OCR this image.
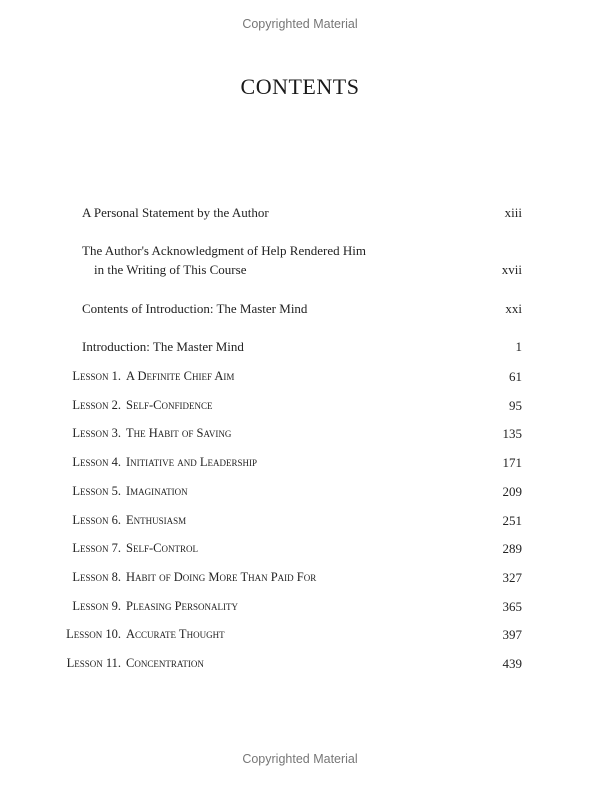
Copyrighted Material
CONTENTS
A Personal Statement by the Author	xiii
The Author's Acknowledgment of Help Rendered Him
in the Writing of This Course	xvii
Contents of Introduction: The Master Mind	xxi
Introduction: The Master Mind	1
Lesson 1. A Definite Chief Aim	61
Lesson 2. Self-Confidence	95
Lesson 3. The Habit of Saving	135
Lesson 4. Initiative and Leadership	171
Lesson 5. Imagination	209
Lesson 6. Enthusiasm	251
Lesson 7. Self-Control	289
Lesson 8. Habit of Doing More Than Paid For	327
Lesson 9. Pleasing Personality	365
Lesson 10. Accurate Thought	397
Lesson 11. Concentration	439
Copyrighted Material
